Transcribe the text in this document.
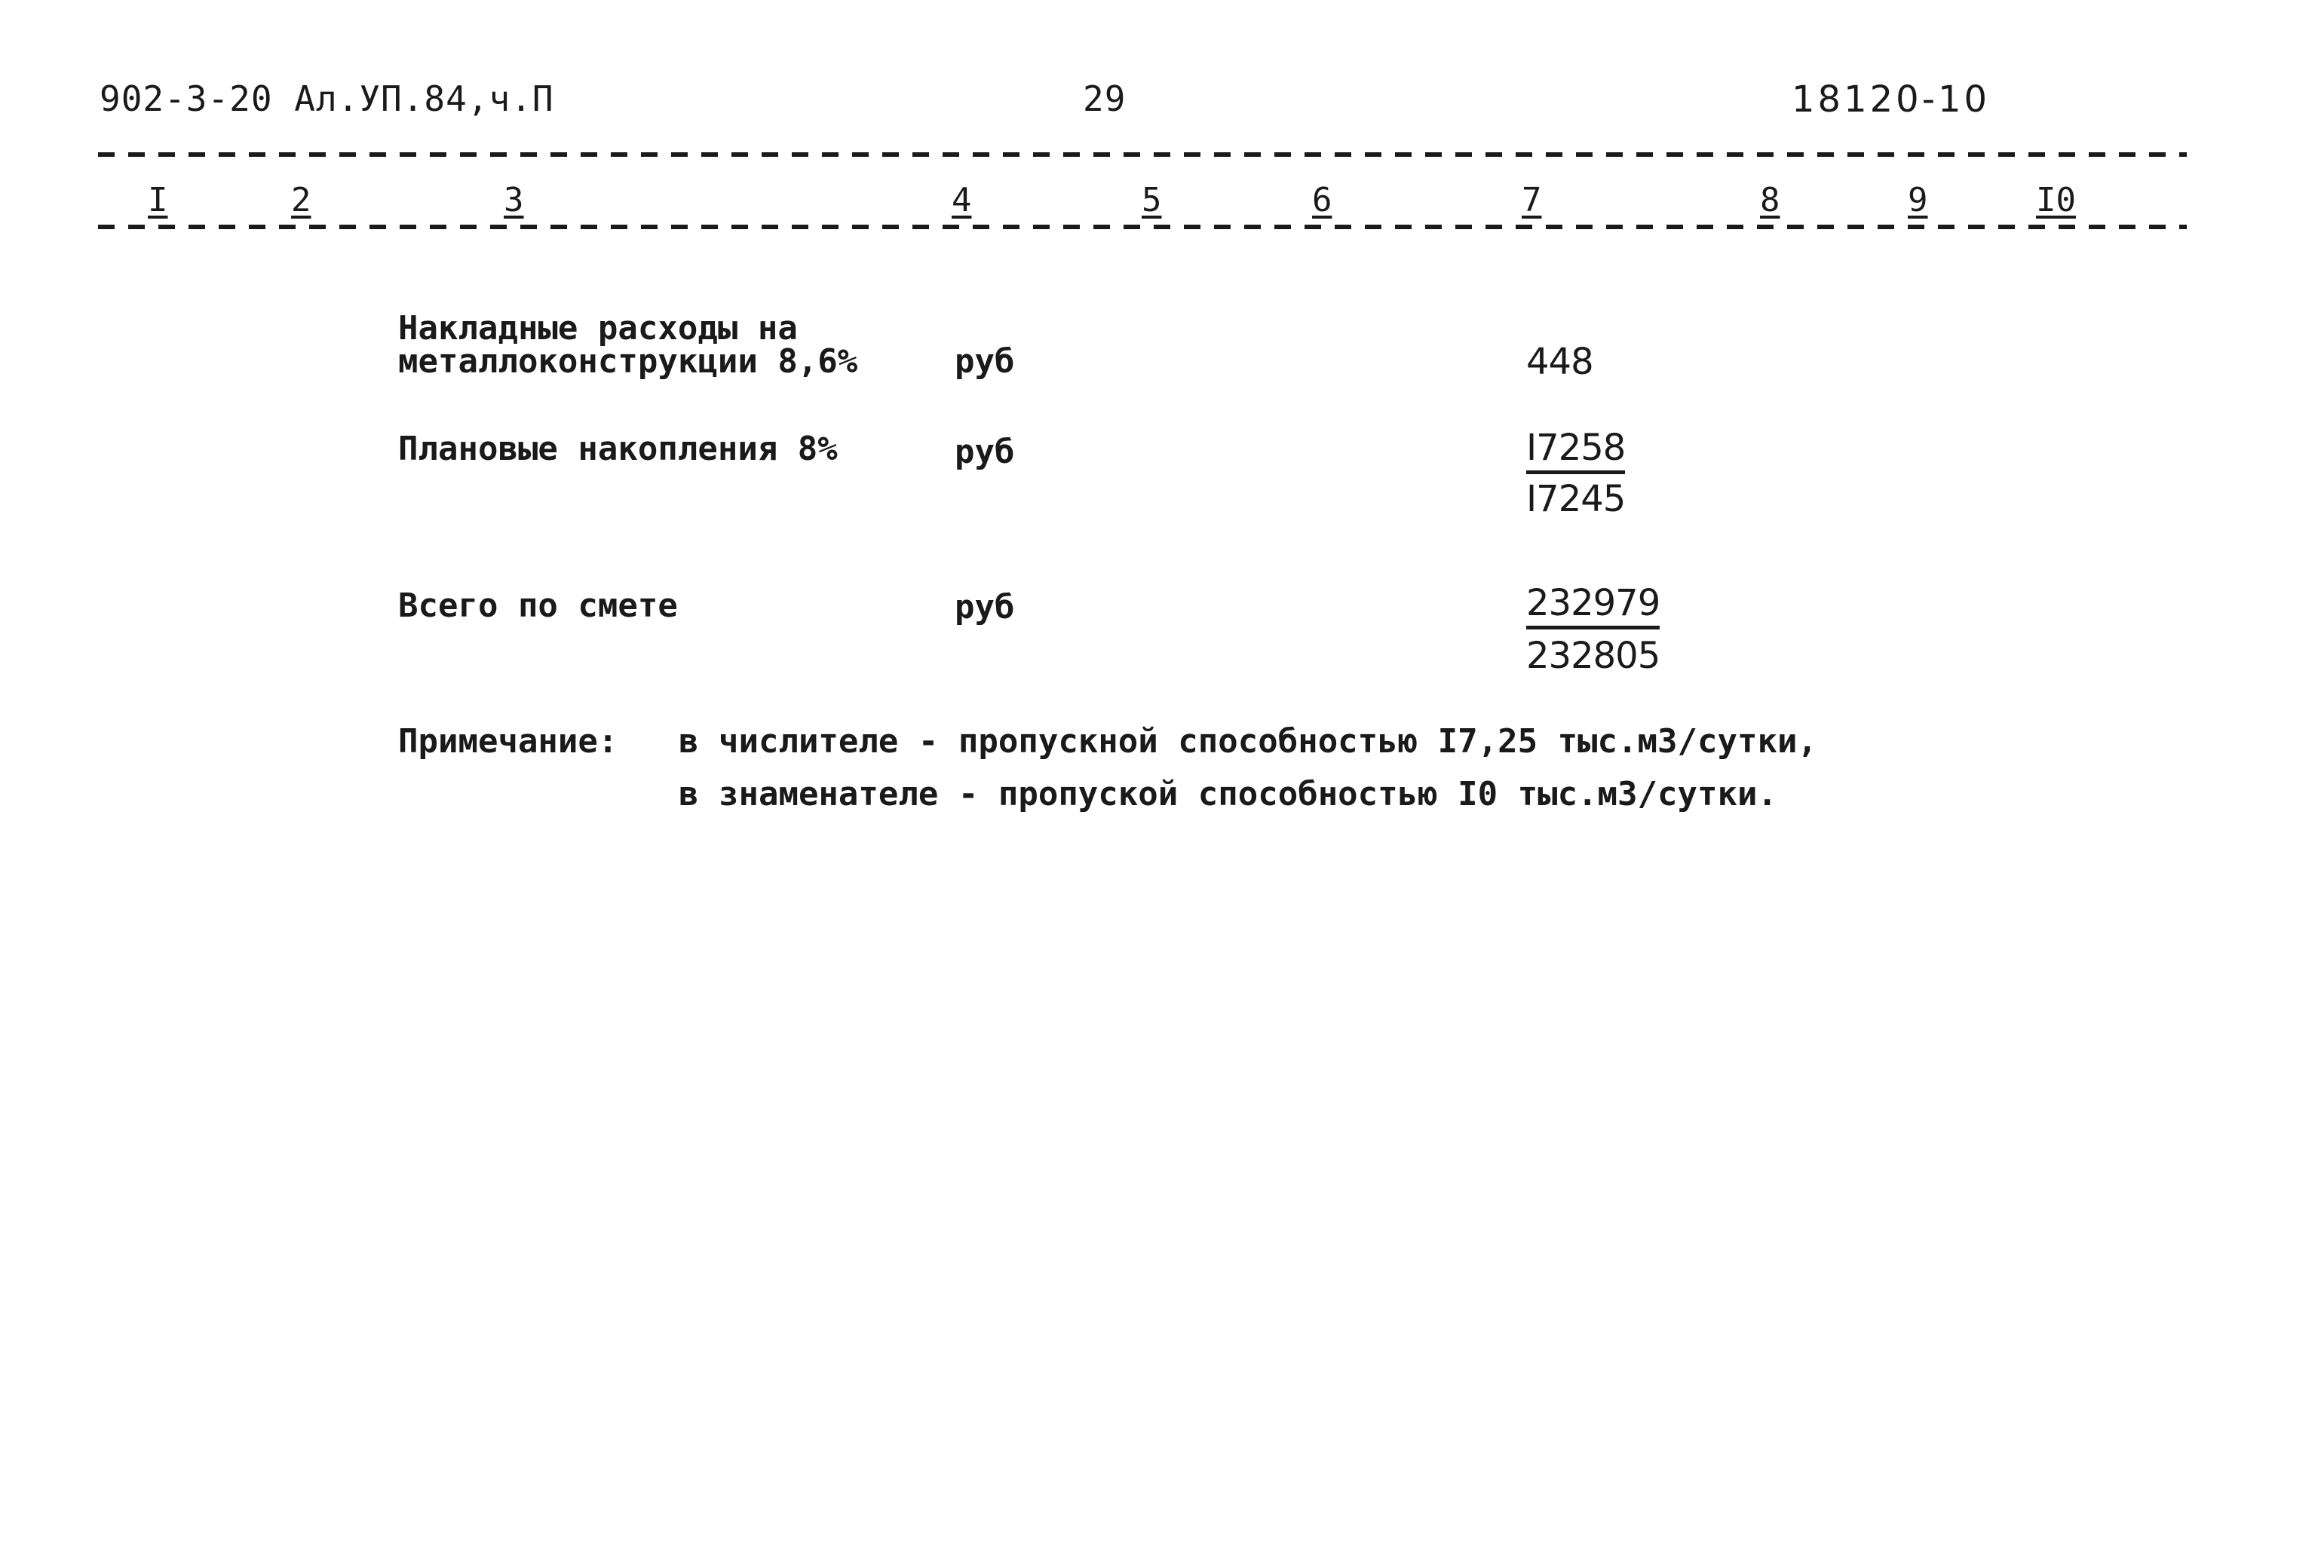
902-3-20 Ал.УП.84,ч.П	29	18120-10
I	2	3	4	5	6	7	8	9	I0
Накладные расходы на
металлоконструкции 8,6%	руб	448
Плановые накопления 8%	руб	I7258
I7245
Всего по смете	руб	232979
232805
Примечание: в числителе - пропускной способностью I7,25 тыс.м3/сутки,
в знаменателе - пропуской способностью I0 тыс.м3/сутки.
